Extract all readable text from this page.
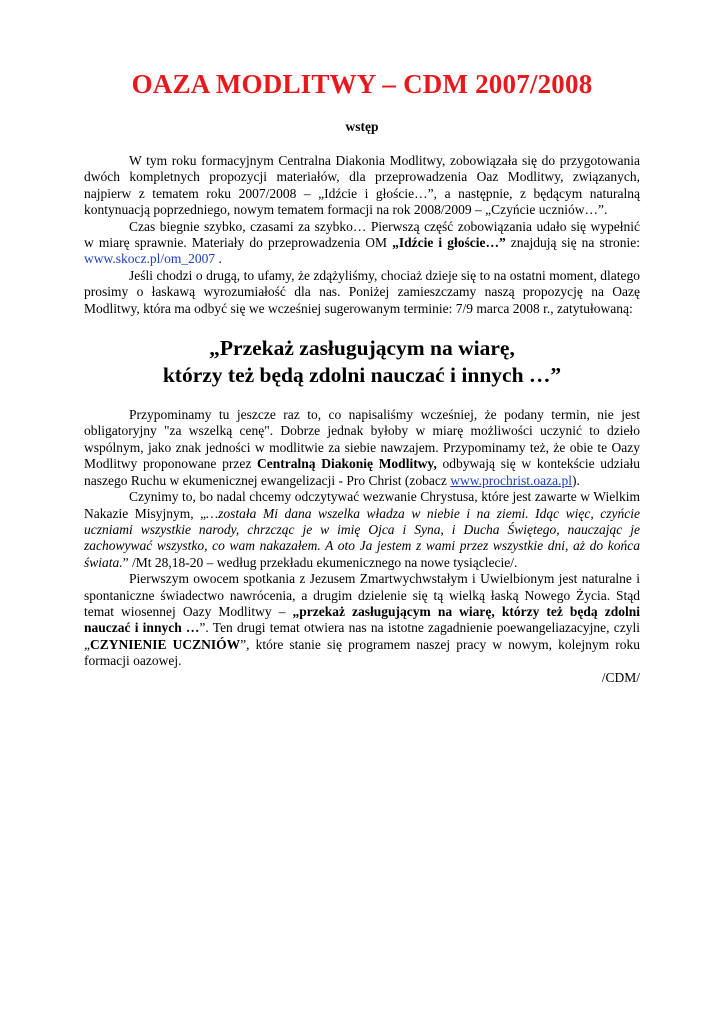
OAZA MODLITWY – CDM 2007/2008
wstęp

W tym roku formacyjnym Centralna Diakonia Modlitwy, zobowiązała się do przygotowania dwóch kompletnych propozycji materiałów, dla przeprowadzenia Oaz Modlitwy, związanych, najpierw z tematem roku 2007/2008 – „Idźcie i głoście…”, a następnie, z będącym naturalną kontynuacją poprzedniego, nowym tematem formacji na rok 2008/2009 – „Czyńcie uczniów…”.

Czas biegnie szybko, czasami za szybko… Pierwszą część zobowiązania udało się wypełnić w miarę sprawnie. Materiały do przeprowadzenia OM „Idźcie i głoście…” znajdują się na stronie: www.skocz.pl/om_2007 .

Jeśli chodzi o drugą, to ufamy, że zdążyliśmy, chociaż dzieje się to na ostatni moment, dlatego prosimy o łaskawą wyrozumiałość dla nas. Poniżej zamieszczamy naszą propozycję na Oazę Modlitwy, która ma odbyć się we wcześniej sugerowanym terminie: 7/9 marca 2008 r., zatytułowaną:

„Przekaż zasługującym na wiarę,
którzy też będą zdolni nauczać i innych …”

Przypominamy tu jeszcze raz to, co napisaliśmy wcześniej, że podany termin, nie jest obligatoryjny "za wszelką cenę". Dobrze jednak byłoby w miarę możliwości uczynić to dzieło wspólnym, jako znak jedności w modlitwie za siebie nawzajem. Przypominamy też, że obie te Oazy Modlitwy proponowane przez Centralną Diakonię Modlitwy, odbywają się w kontekście udziału naszego Ruchu w ekumenicznej ewangelizacji - Pro Christ (zobacz www.prochrist.oaza.pl).

Czynimy to, bo nadal chcemy odczytywać wezwanie Chrystusa, które jest zawarte w Wielkim Nakazie Misyjnym, „…została Mi dana wszelka władza w niebie i na ziemi. Idąc więc, czyńcie uczniami wszystkie narody, chrzcząc je w imię Ojca i Syna, i Ducha Świętego, nauczając je zachowywać wszystko, co wam nakazałem. A oto Ja jestem z wami przez wszystkie dni, aż do końca świata.” /Mt 28,18-20 – według przekładu ekumenicznego na nowe tysiąclecie/.

Pierwszym owocem spotkania z Jezusem Zmartwychwstałym i Uwielbionym jest naturalne i spontaniczne świadectwo nawrócenia, a drugim dzielenie się tą wielką łaską Nowego Życia. Stąd temat wiosennej Oazy Modlitwy – „przekaż zasługującym na wiarę, którzy też będą zdolni nauczać i innych …”. Ten drugi temat otwiera nas na istotne zagadnienie poewangeliazacyjne, czyli „CZYNIENIE UCZNIÓW”, które stanie się programem naszej pracy w nowym, kolejnym roku formacji oazowej.

/CDM/
